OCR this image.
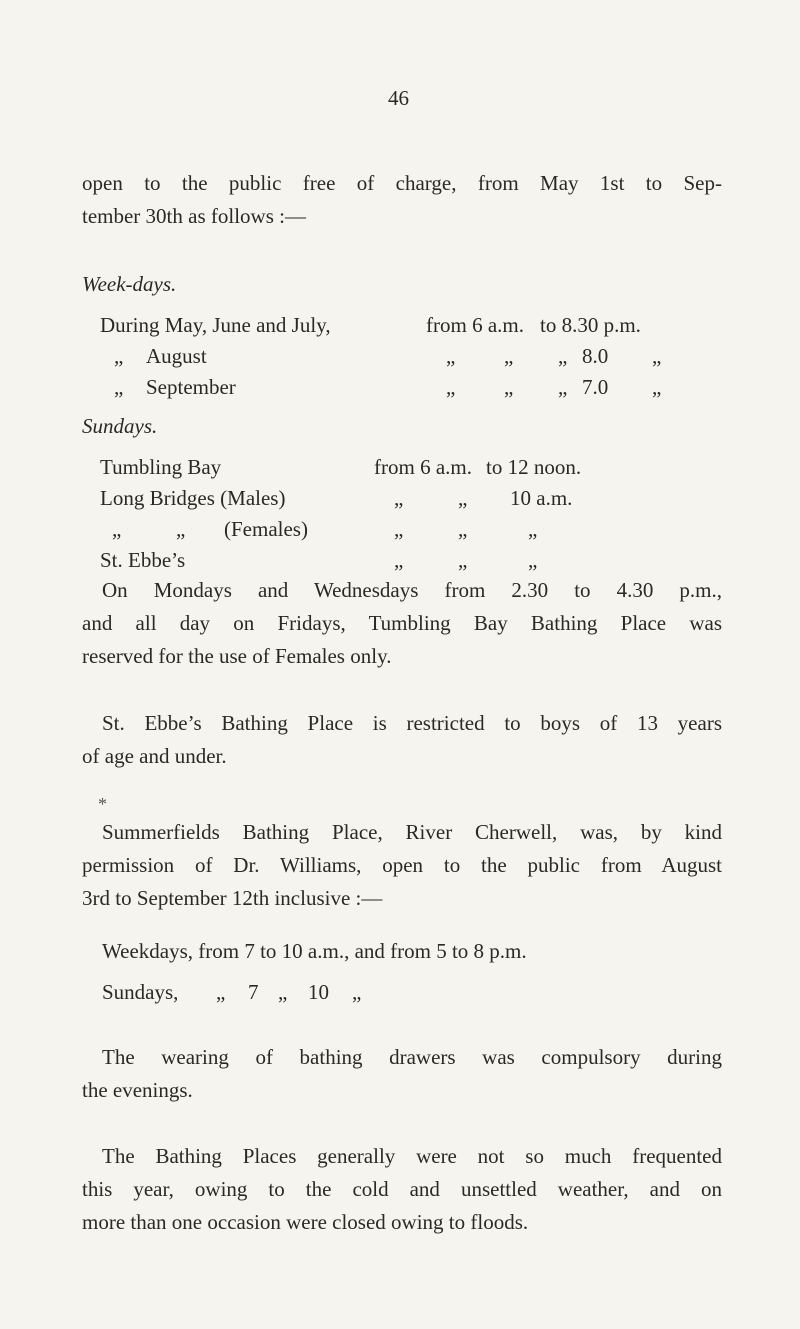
46
open to the public free of charge, from May 1st to Sep-
tember 30th as follows :—
Week-days.
During May, June and July,	from 6 a.m. to 8.30 p.m.
„ August	„ „ „ 8.0 „
„ September	„ „ „ 7.0 „
Sundays.
Tumbling Bay	from 6 a.m. to 12 noon.
Long Bridges (Males)	„	„ 10 a.m.
„	„ (Females)	„	„	„
St. Ebbe’s	„	„	„
On Mondays and Wednesdays from 2.30 to 4.30 p.m.,
and all day on Fridays, Tumbling Bay Bathing Place was
reserved for the use of Females only.
St. Ebbe’s Bathing Place is restricted to boys of 13 years
of age and under.
*
Summerfields Bathing Place, River Cherwell, was, by kind
permission of Dr. Williams, open to the public from August
3rd to September 12th inclusive :—
Weekdays, from 7 to 10 a.m., and from 5 to 8 p.m.
Sundays, „ 7 „ 10 „
The wearing of bathing drawers was compulsory during
the evenings.
The Bathing Places generally were not so much frequented
this year, owing to the cold and unsettled weather, and on
more than one occasion were closed owing to floods.
